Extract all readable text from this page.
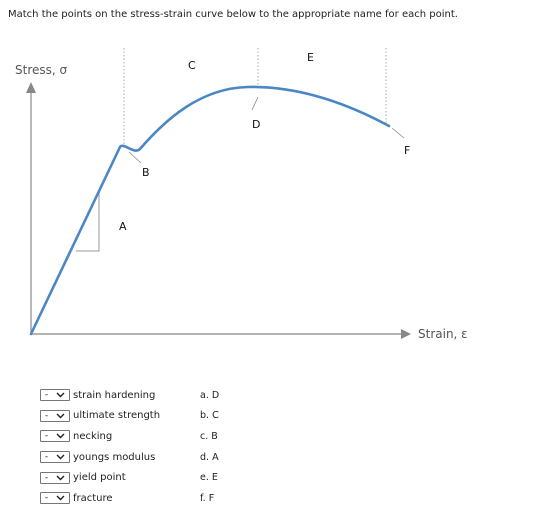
Match the points on the stress-strain curve below to the appropriate name for each point.
Stress, σ
Strain, ε
A
B
C
D
E
F
-	strain hardening
-	ultimate strength
-	necking
-	youngs modulus
-	yield point
-	fracture
a. D
b. C
c. B
d. A
e. E
f. F
